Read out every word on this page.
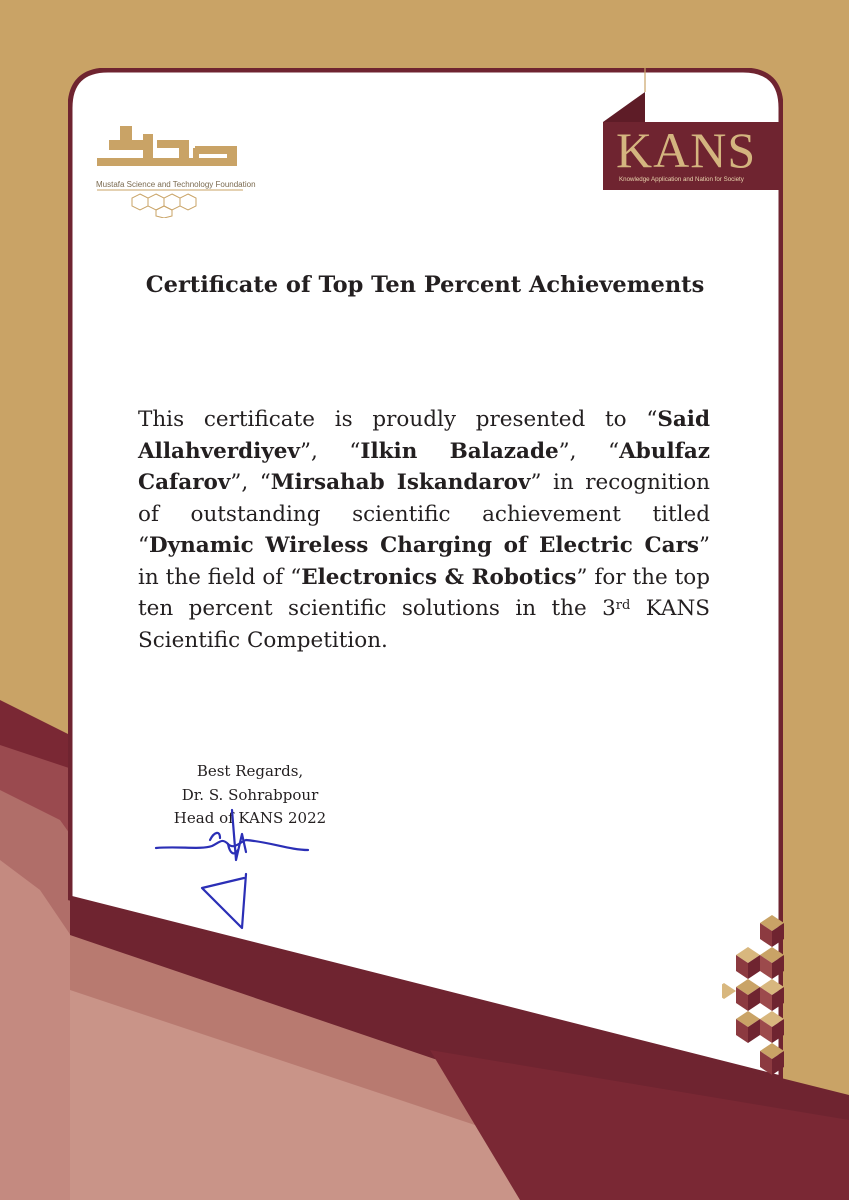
Mustafa Science and Technology Foundation
KANS
Knowledge Application and Nation for Society
Certificate of Top Ten Percent Achievements
This certificate is proudly presented to “Said Allahverdiyev”, “Ilkin Balazade”, “Abulfaz Cafarov”, “Mirsahab Iskandarov” in recognition of outstanding scientific achievement titled “Dynamic Wireless Charging of Electric Cars” in the field of “Electronics & Robotics” for the top ten percent scientific solutions in the 3rd KANS Scientific Competition.
Best Regards,
Dr. S. Sohrabpour
Head of KANS 2022
